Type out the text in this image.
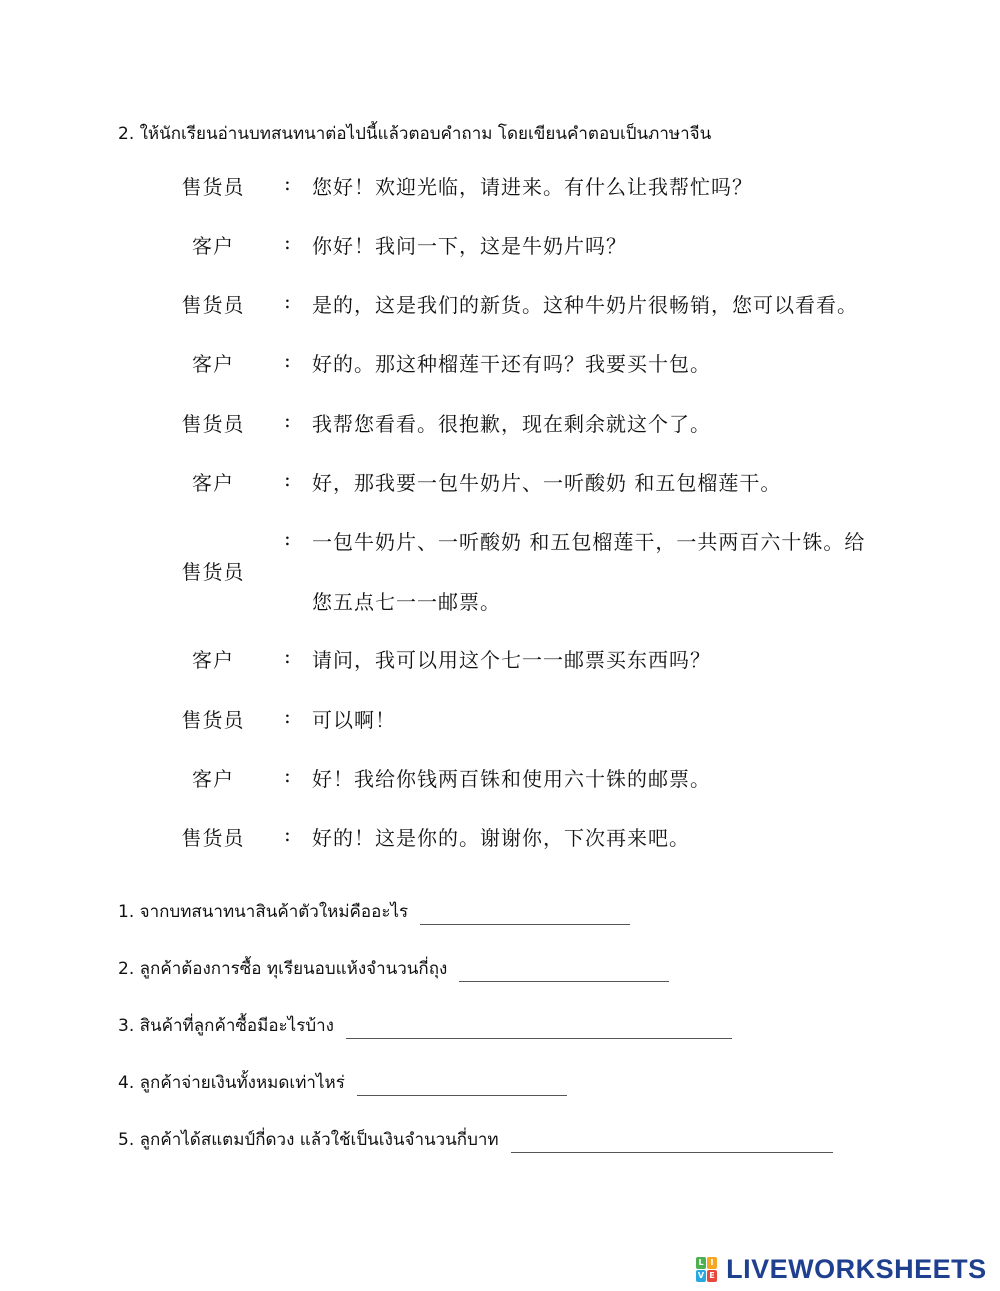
2. ให้นักเรียนอ่านบทสนทนาต่อไปนี้แล้วตอบคำถาม โดยเขียนคำตอบเป็นภาษาจีน
: 您好！欢迎光临，请进来。有什么让我帮忙吗？
售货员
: 你好！我问一下，这是牛奶片吗？
客户
: 是的，这是我们的新货。这种牛奶片很畅销，您可以看看。
售货员
: 好的。那这种榴莲干还有吗？我要买十包。
客户
: 我帮您看看。很抱歉，现在剩余就这个了。
售货员
: 好，那我要一包牛奶片、一听酸奶 和五包榴莲干。
客户
: 一包牛奶片、一听酸奶 和五包榴莲干，一共两百六十铢。给
您五点七一一邮票。
售货员
: 请问，我可以用这个七一一邮票买东西吗？
客户
: 可以啊！
售货员
: 好！我给你钱两百铢和使用六十铢的邮票。
客户
: 好的！这是你的。谢谢你，下次再来吧。
售货员
1. จากบทสนาทนาสินค้าตัวใหม่คืออะไร
2. ลูกค้าต้องการซื้อ ทุเรียนอบแห้งจำนวนกี่ถุง
3. สินค้าที่ลูกค้าซื้อมีอะไรบ้าง
4. ลูกค้าจ่ายเงินทั้งหมดเท่าไหร่
5. ลูกค้าได้สแตมป์กี่ดวง แล้วใช้เป็นเงินจำนวนกี่บาท
L I
V E LIVEWORKSHEETS
